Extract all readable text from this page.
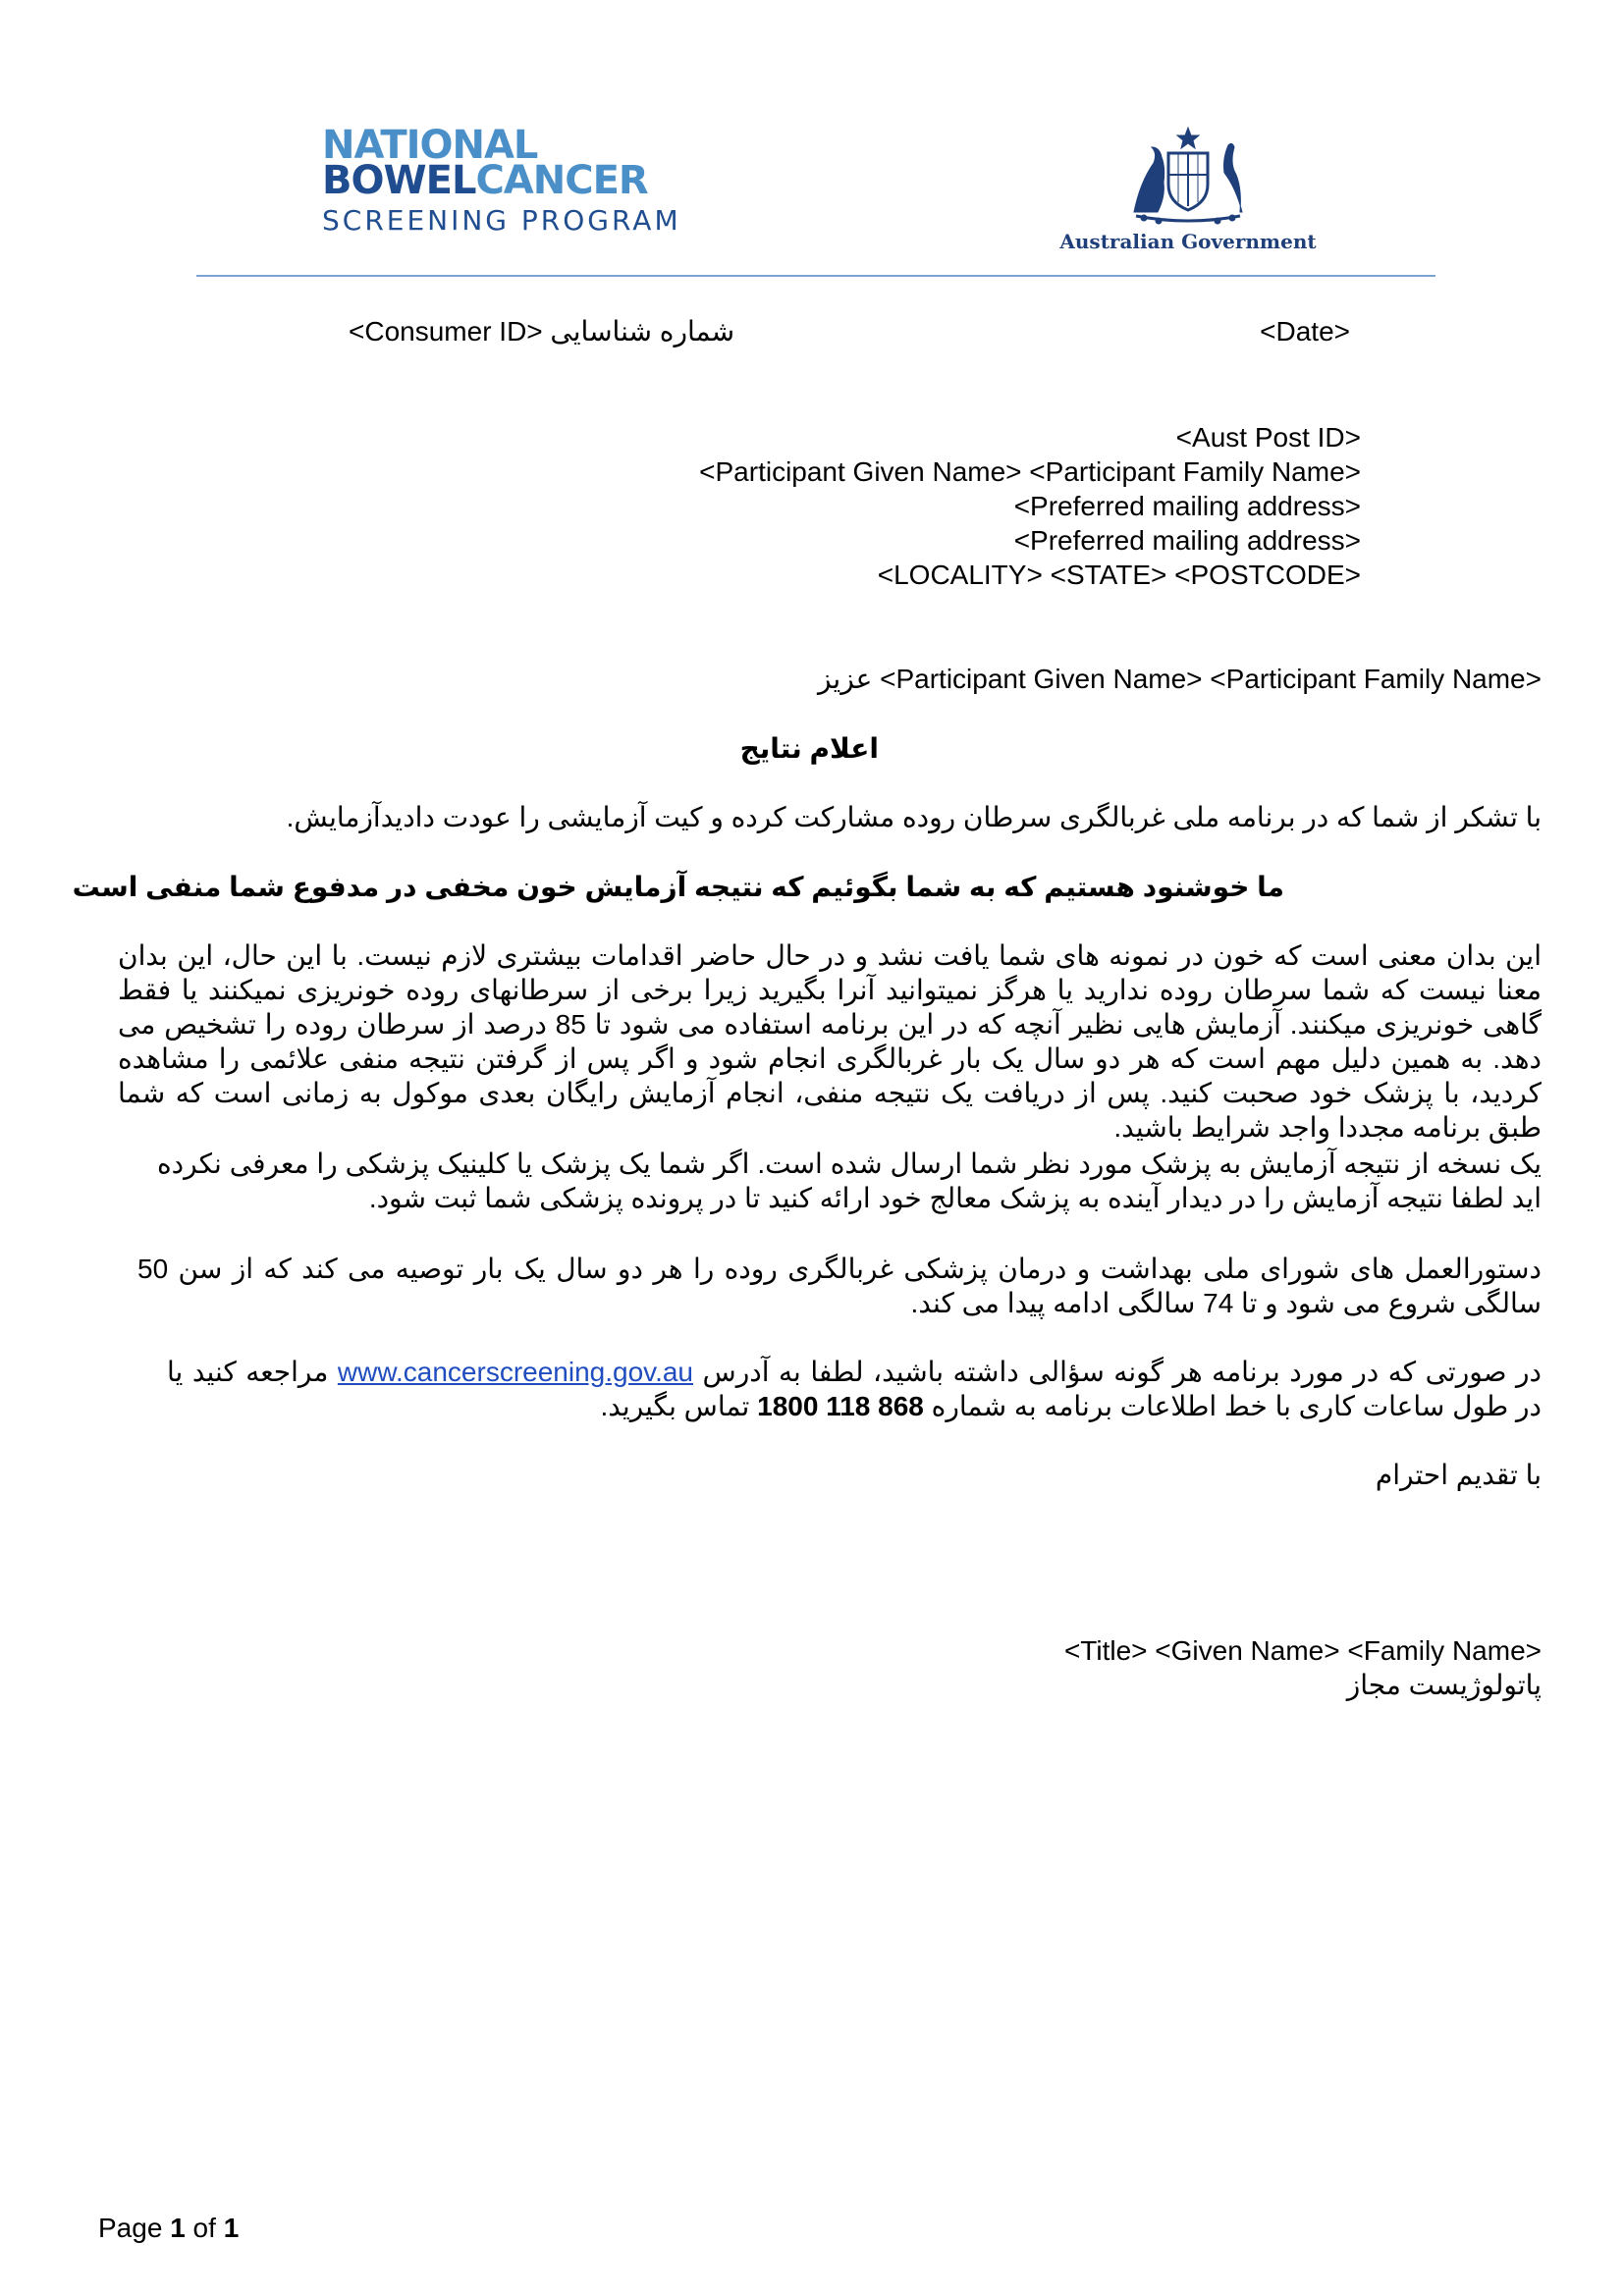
NATIONAL
BOWELCANCER
SCREENING PROGRAM
Australian Government
شماره شناسایی <Consumer ID>	<Date>
<Aust Post ID>
<Participant Given Name> <Participant Family Name>
<Preferred mailing address>
<Preferred mailing address>
<LOCALITY> <STATE> <POSTCODE>
<Participant Given Name> <Participant Family Name> عزیز
اعلام نتایج
با تشکر از شما که در برنامه ملی غربالگری سرطان روده مشارکت کرده و کیت آزمایشی را عودت دادیدآزمایش.
ما خوشنود هستیم که به شما بگوئیم که نتیجه آزمایش خون مخفی در مدفوع شما منفی است
این بدان معنی است که خون در نمونه های شما یافت نشد و در حال حاضر اقدامات بیشتری لازم نیست. با این حال، این بدان معنا نیست که شما سرطان روده ندارید یا هرگز نمیتوانید آنرا بگیرید زیرا برخی از سرطانهای روده خونریزی نمیکنند یا فقط گاهی خونریزی میکنند. آزمایش هایی نظیر آنچه که در این برنامه استفاده می شود تا 85 درصد از سرطان روده را تشخیص می دهد. به همین دلیل مهم است که هر دو سال یک بار غربالگری انجام شود و اگر پس از گرفتن نتیجه منفی علائمی را مشاهده کردید، با پزشک خود صحبت کنید. پس از دریافت یک نتیجه منفی، انجام آزمایش رایگان بعدی موکول به زمانی است که شما طبق برنامه مجددا واجد شرایط باشید.
یک نسخه از نتیجه آزمایش به پزشک مورد نظر شما ارسال شده است. اگر شما یک پزشک یا کلینیک پزشکی را معرفی نکرده اید لطفا نتیجه آزمایش را در دیدار آینده به پزشک معالج خود ارائه کنید تا در پرونده پزشکی شما ثبت شود.
دستورالعمل های شورای ملی بهداشت و درمان پزشکی غربالگری روده را هر دو سال یک بار توصیه می کند که از سن 50 سالگی شروع می شود و تا 74 سالگی ادامه پیدا می کند.
در صورتی که در مورد برنامه هر گونه سؤالی داشته باشید، لطفا به آدرس www.cancerscreening.gov.au مراجعه کنید یا در طول ساعات کاری با خط اطلاعات برنامه به شماره 1800 118 868 تماس بگیرید.
با تقدیم احترام
<Title> <Given Name> <Family Name>
پاتولوژیست مجاز
Page 1 of 1
